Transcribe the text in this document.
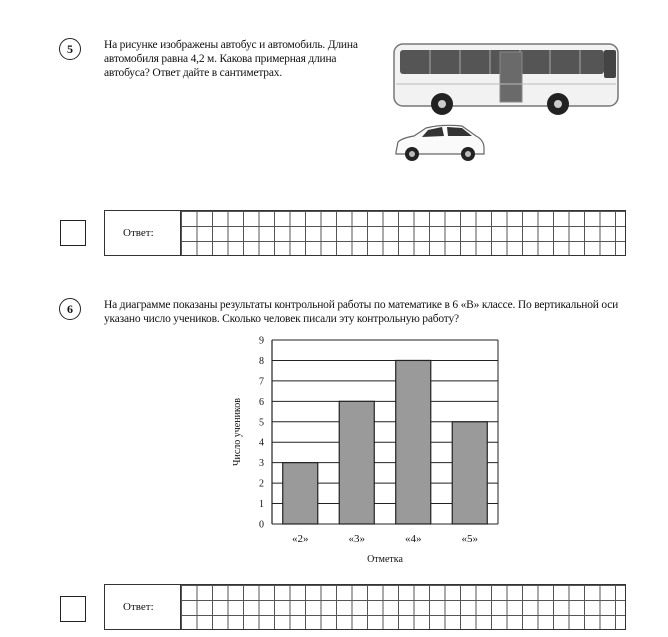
5	На рисунке изображены автобус и автомобиль. Длина автомобиля равна 4,2 м. Какова примерная длина автобуса? Ответ дайте в сантиметрах.
Ответ:
6	На диаграмме показаны результаты контрольной работы по математике в 6 «В» классе. По вертикальной оси указано число учеников. Сколько человек писали эту контрольную работу?
0
1
2
3
4
5
6
7
8
9
«2»	«3»	«4»	«5»
Отметка
Число учеников
Ответ:
